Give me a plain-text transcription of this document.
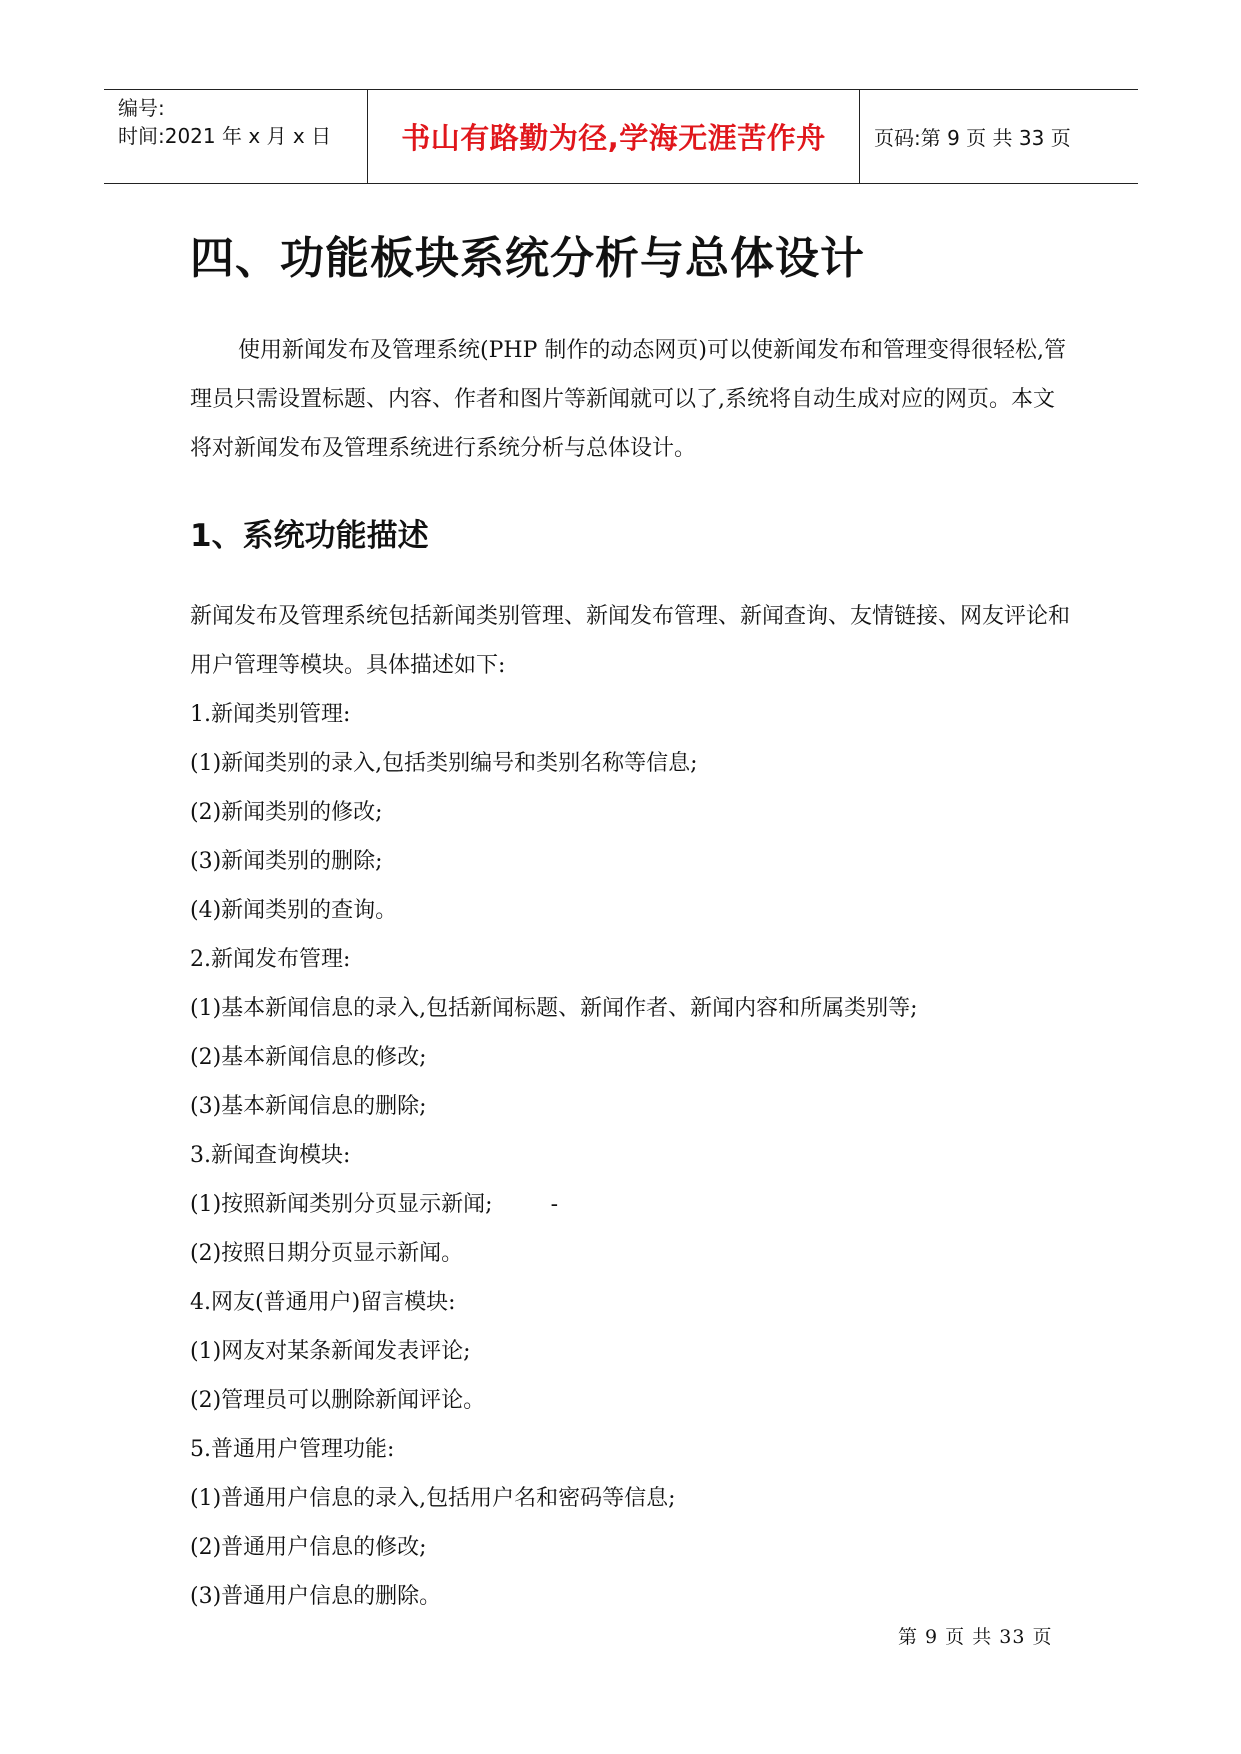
编号:
时间:2021 年 x 月 x 日	书山有路勤为径,学海无涯苦作舟	页码:第 9 页 共 33 页
四、功能板块系统分析与总体设计

使用新闻发布及管理系统(PHP 制作的动态网页)可以使新闻发布和管理变得很轻松,管理员只需设置标题、内容、作者和图片等新闻就可以了,系统将自动生成对应的网页。本文将对新闻发布及管理系统进行系统分析与总体设计。

1、系统功能描述

新闻发布及管理系统包括新闻类别管理、新闻发布管理、新闻查询、友情链接、网友评论和用户管理等模块。具体描述如下:

1.新闻类别管理:
(1)新闻类别的录入,包括类别编号和类别名称等信息;
(2)新闻类别的修改;
(3)新闻类别的删除;
(4)新闻类别的查询。
2.新闻发布管理:
(1)基本新闻信息的录入,包括新闻标题、新闻作者、新闻内容和所属类别等;
(2)基本新闻信息的修改;
(3)基本新闻信息的删除;
3.新闻查询模块:
(1)按照新闻类别分页显示新闻;	-
(2)按照日期分页显示新闻。
4.网友(普通用户)留言模块:
(1)网友对某条新闻发表评论;
(2)管理员可以删除新闻评论。
5.普通用户管理功能:
(1)普通用户信息的录入,包括用户名和密码等信息;
(2)普通用户信息的修改;
(3)普通用户信息的删除。
第 9 页 共 33 页
